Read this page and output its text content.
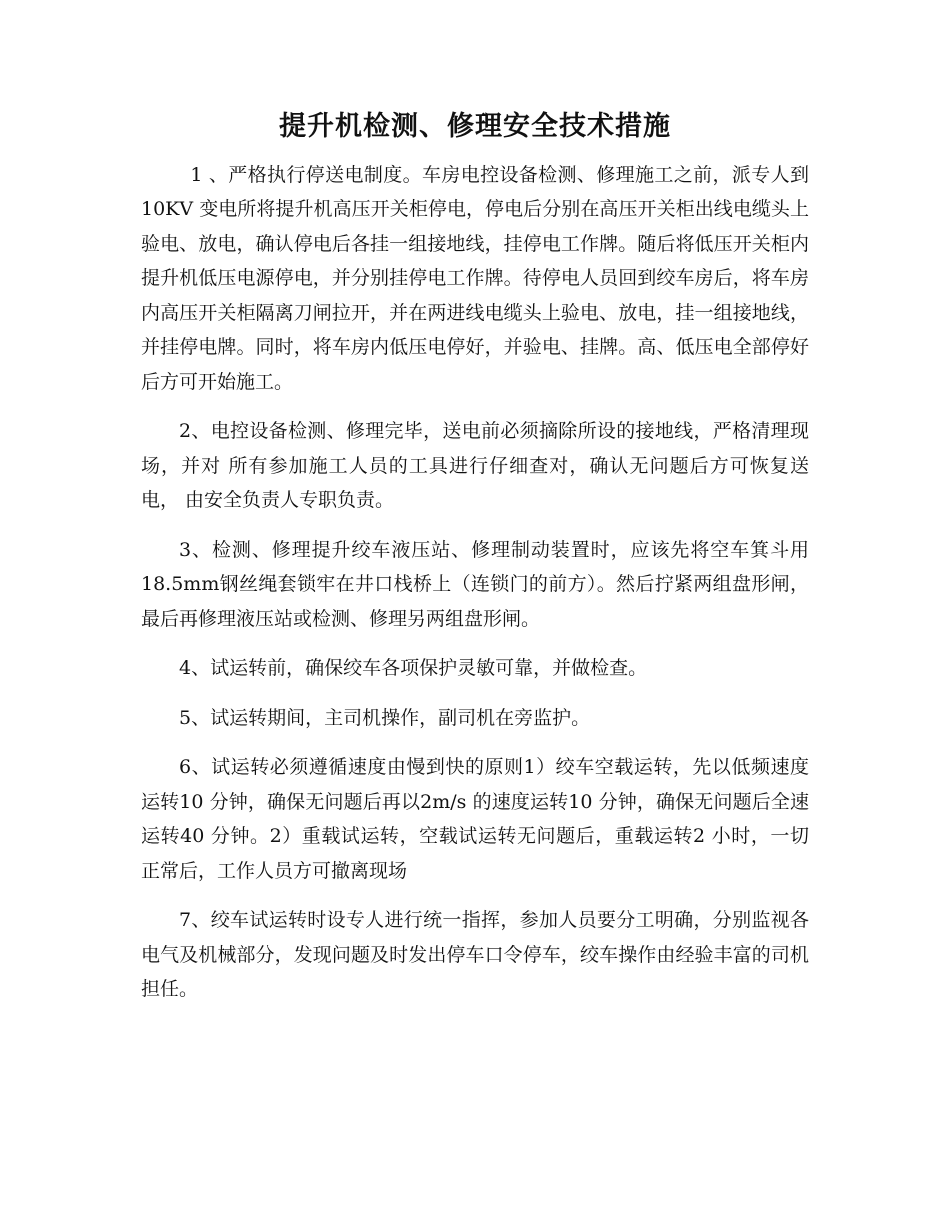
提升机检测、修理安全技术措施

1 、严格执行停送电制度。车房电控设备检测、修理施工之前，派专人到10KV 变电所将提升机高压开关柜停电，停电后分别在高压开关柜出线电缆头上验电、放电，确认停电后各挂一组接地线，挂停电工作牌。随后将低压开关柜内提升机低压电源停电，并分别挂停电工作牌。待停电人员回到绞车房后，将车房内高压开关柜隔离刀闸拉开，并在两进线电缆头上验电、放电，挂一组接地线，并挂停电牌。同时，将车房内低压电停好，并验电、挂牌。高、低压电全部停好后方可开始施工。

2、电控设备检测、修理完毕，送电前必须摘除所设的接地线，严格清理现场，并对 所有参加施工人员的工具进行仔细查对，确认无问题后方可恢复送电， 由安全负责人专职负责。

3、检测、修理提升绞车液压站、修理制动装置时，应该先将空车箕斗用18.5mm钢丝绳套锁牢在井口栈桥上（连锁门的前方）。然后拧紧两组盘形闸，最后再修理液压站或检测、修理另两组盘形闸。

4、试运转前，确保绞车各项保护灵敏可靠，并做检查。

5、试运转期间，主司机操作，副司机在旁监护。

6、试运转必须遵循速度由慢到快的原则1）绞车空载运转，先以低频速度运转10 分钟，确保无问题后再以2m/s 的速度运转10 分钟，确保无问题后全速运转40 分钟。2）重载试运转，空载试运转无问题后，重载运转2 小时，一切正常后，工作人员方可撤离现场

7、绞车试运转时设专人进行统一指挥，参加人员要分工明确，分别监视各电气及机械部分，发现问题及时发出停车口令停车，绞车操作由经验丰富的司机担任。
